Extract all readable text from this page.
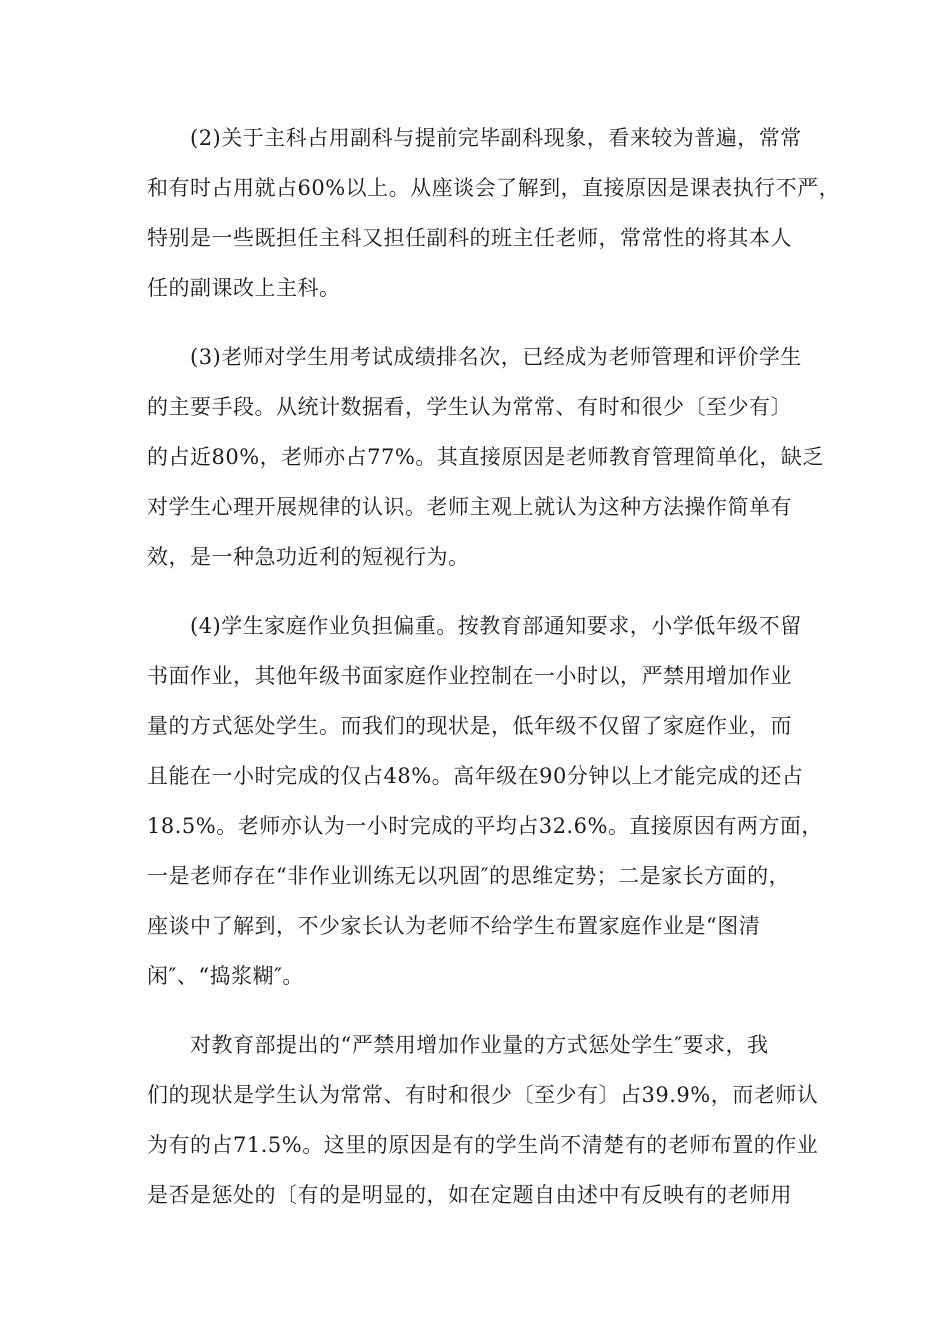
(2)关于主科占用副科与提前完毕副科现象，看来较为普遍，常常
和有时占用就占60%以上。从座谈会了解到，直接原因是课表执行不严，
特别是一些既担任主科又担任副科的班主任老师，常常性的将其本人
任的副课改上主科。
(3)老师对学生用考试成绩排名次，已经成为老师管理和评价学生
的主要手段。从统计数据看，学生认为常常、有时和很少〔至少有〕
的占近80%，老师亦占77%。其直接原因是老师教育管理简单化，缺乏
对学生心理开展规律的认识。老师主观上就认为这种方法操作简单有
效，是一种急功近利的短视行为。
(4)学生家庭作业负担偏重。按教育部通知要求，小学低年级不留
书面作业，其他年级书面家庭作业控制在一小时以，严禁用增加作业
量的方式惩处学生。而我们的现状是，低年级不仅留了家庭作业，而
且能在一小时完成的仅占48%。高年级在90分钟以上才能完成的还占
18.5%。老师亦认为一小时完成的平均占32.6%。直接原因有两方面，
一是老师存在“非作业训练无以巩固″的思维定势；二是家长方面的，
座谈中了解到，不少家长认为老师不给学生布置家庭作业是“图清
闲″、“捣浆糊″。
对教育部提出的“严禁用增加作业量的方式惩处学生″要求，我
们的现状是学生认为常常、有时和很少〔至少有〕占39.9%，而老师认
为有的占71.5%。这里的原因是有的学生尚不清楚有的老师布置的作业
是否是惩处的〔有的是明显的，如在定题自由述中有反映有的老师用
